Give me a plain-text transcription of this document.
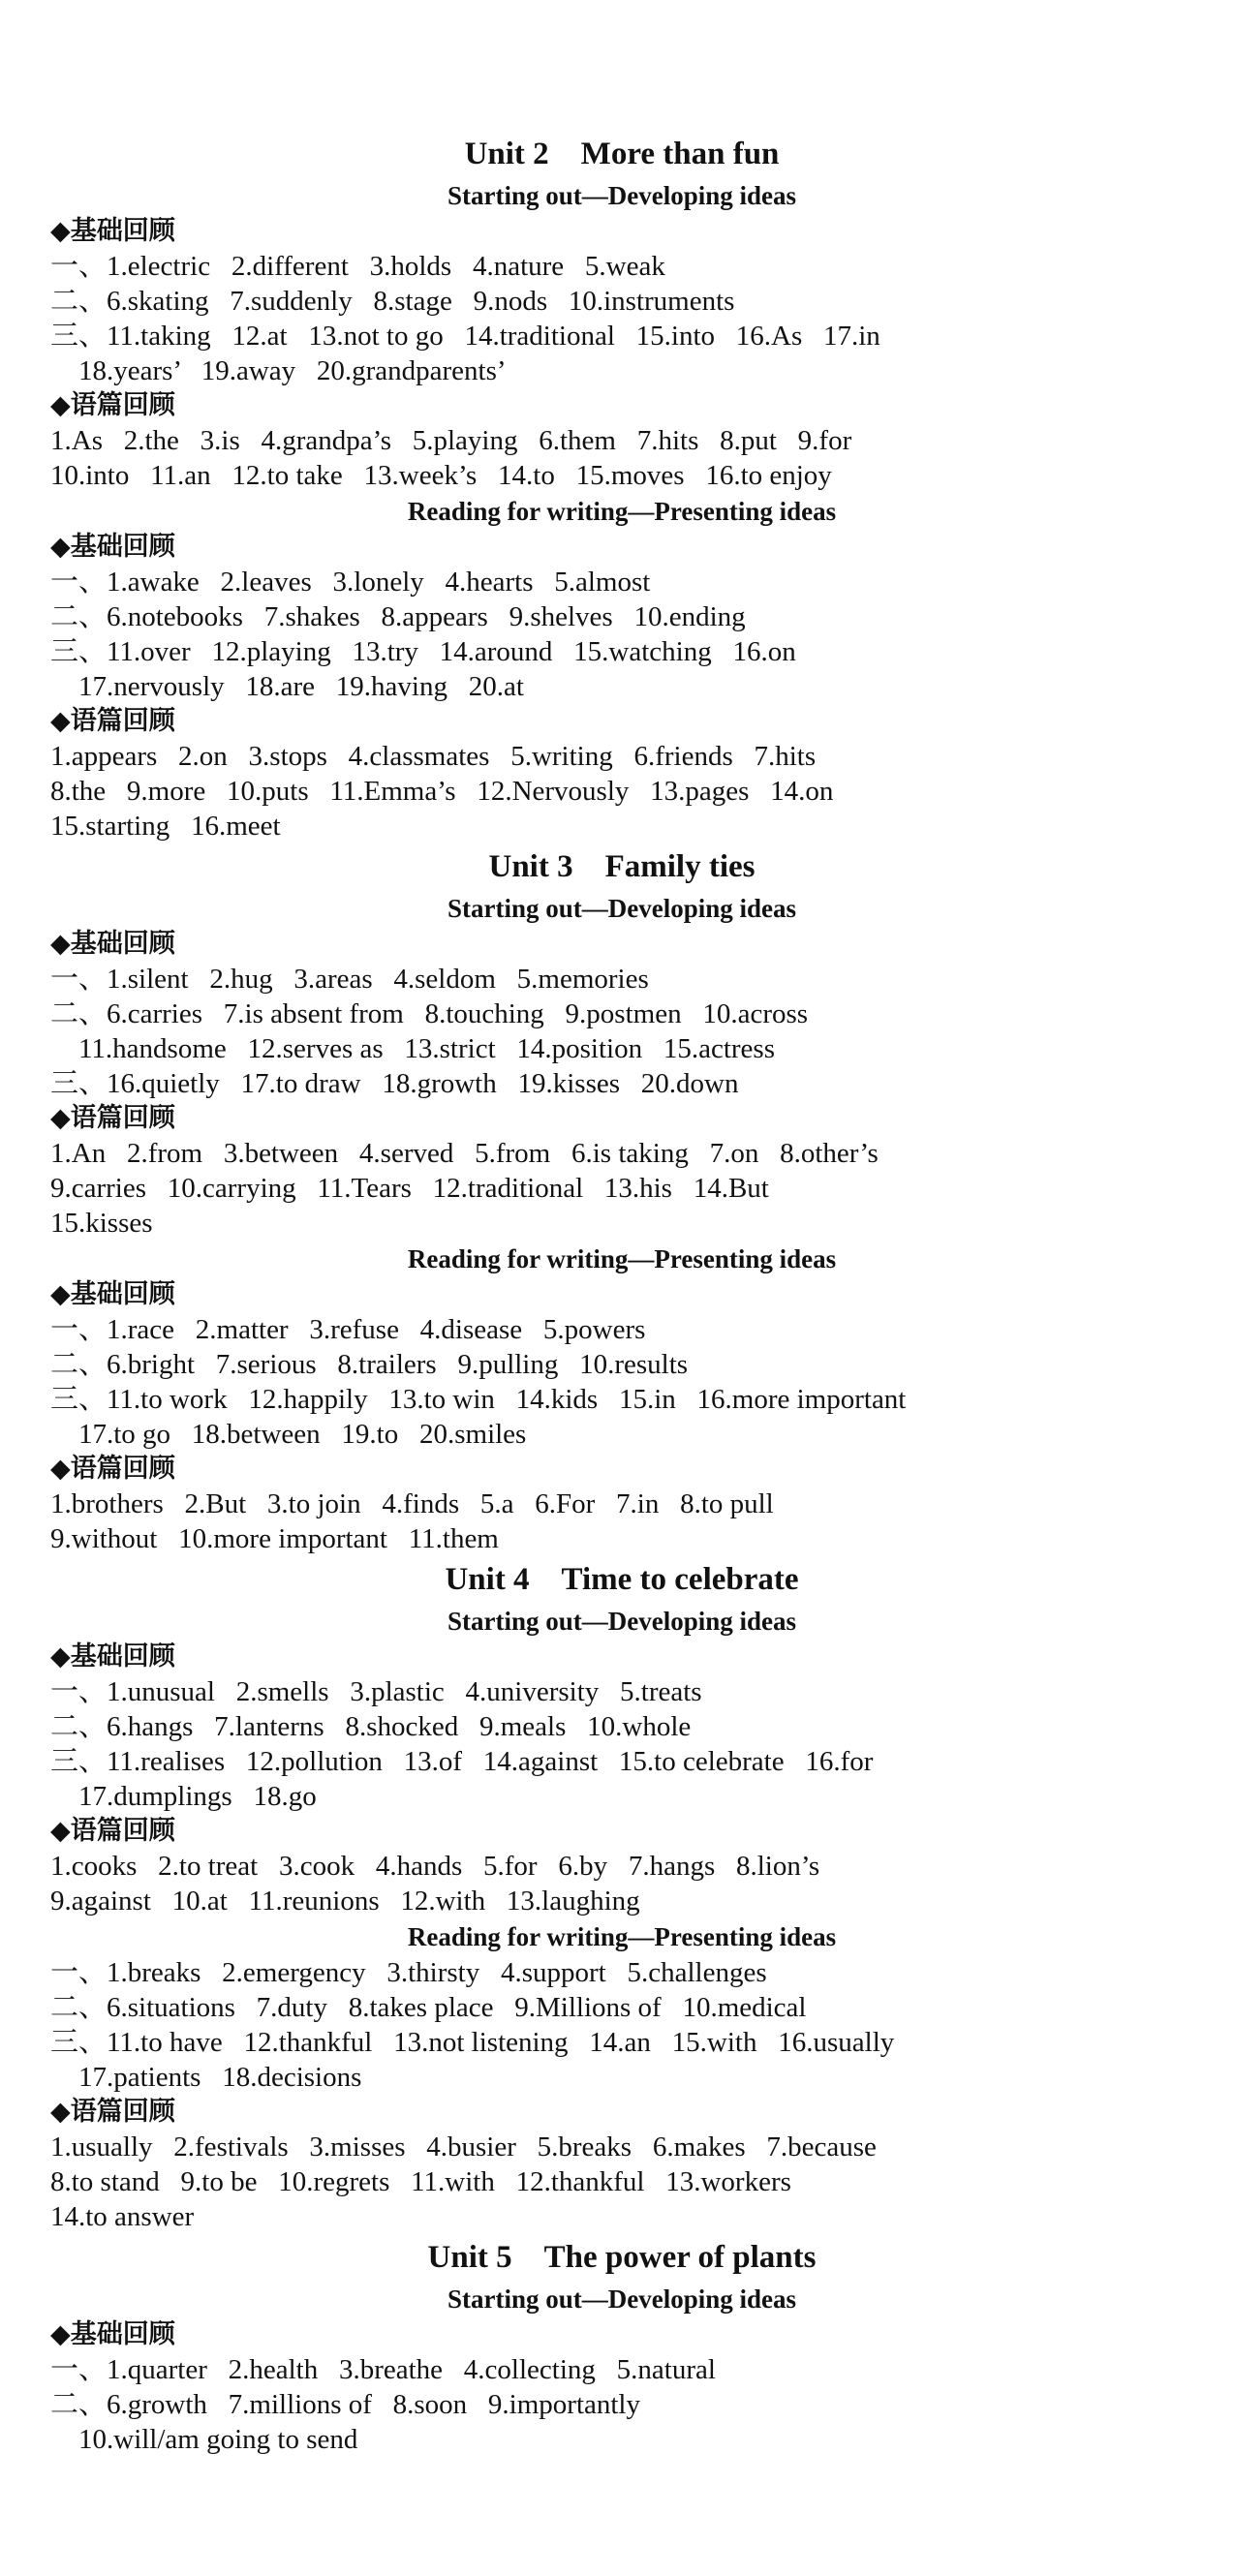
Unit 2　More than fun
Starting out—Developing ideas
◆基础回顾
一、1.electric   2.different   3.holds   4.nature   5.weak
二、6.skating   7.suddenly   8.stage   9.nods   10.instruments
三、11.taking   12.at   13.not to go   14.traditional   15.into   16.As   17.in
18.years’   19.away   20.grandparents’
◆语篇回顾
1.As   2.the   3.is   4.grandpa’s   5.playing   6.them   7.hits   8.put   9.for
10.into   11.an   12.to take   13.week’s   14.to   15.moves   16.to enjoy
Reading for writing—Presenting ideas
◆基础回顾
一、1.awake   2.leaves   3.lonely   4.hearts   5.almost
二、6.notebooks   7.shakes   8.appears   9.shelves   10.ending
三、11.over   12.playing   13.try   14.around   15.watching   16.on
17.nervously   18.are   19.having   20.at
◆语篇回顾
1.appears   2.on   3.stops   4.classmates   5.writing   6.friends   7.hits
8.the   9.more   10.puts   11.Emma’s   12.Nervously   13.pages   14.on
15.starting   16.meet
Unit 3　Family ties
Starting out—Developing ideas
◆基础回顾
一、1.silent   2.hug   3.areas   4.seldom   5.memories
二、6.carries   7.is absent from   8.touching   9.postmen   10.across
11.handsome   12.serves as   13.strict   14.position   15.actress
三、16.quietly   17.to draw   18.growth   19.kisses   20.down
◆语篇回顾
1.An   2.from   3.between   4.served   5.from   6.is taking   7.on   8.other’s
9.carries   10.carrying   11.Tears   12.traditional   13.his   14.But
15.kisses
Reading for writing—Presenting ideas
◆基础回顾
一、1.race   2.matter   3.refuse   4.disease   5.powers
二、6.bright   7.serious   8.trailers   9.pulling   10.results
三、11.to work   12.happily   13.to win   14.kids   15.in   16.more important
17.to go   18.between   19.to   20.smiles
◆语篇回顾
1.brothers   2.But   3.to join   4.finds   5.a   6.For   7.in   8.to pull
9.without   10.more important   11.them
Unit 4　Time to celebrate
Starting out—Developing ideas
◆基础回顾
一、1.unusual   2.smells   3.plastic   4.university   5.treats
二、6.hangs   7.lanterns   8.shocked   9.meals   10.whole
三、11.realises   12.pollution   13.of   14.against   15.to celebrate   16.for
17.dumplings   18.go
◆语篇回顾
1.cooks   2.to treat   3.cook   4.hands   5.for   6.by   7.hangs   8.lion’s
9.against   10.at   11.reunions   12.with   13.laughing
Reading for writing—Presenting ideas
一、1.breaks   2.emergency   3.thirsty   4.support   5.challenges
二、6.situations   7.duty   8.takes place   9.Millions of   10.medical
三、11.to have   12.thankful   13.not listening   14.an   15.with   16.usually
17.patients   18.decisions
◆语篇回顾
1.usually   2.festivals   3.misses   4.busier   5.breaks   6.makes   7.because
8.to stand   9.to be   10.regrets   11.with   12.thankful   13.workers
14.to answer
Unit 5　The power of plants
Starting out—Developing ideas
◆基础回顾
一、1.quarter   2.health   3.breathe   4.collecting   5.natural
二、6.growth   7.millions of   8.soon   9.importantly
10.will/am going to send
